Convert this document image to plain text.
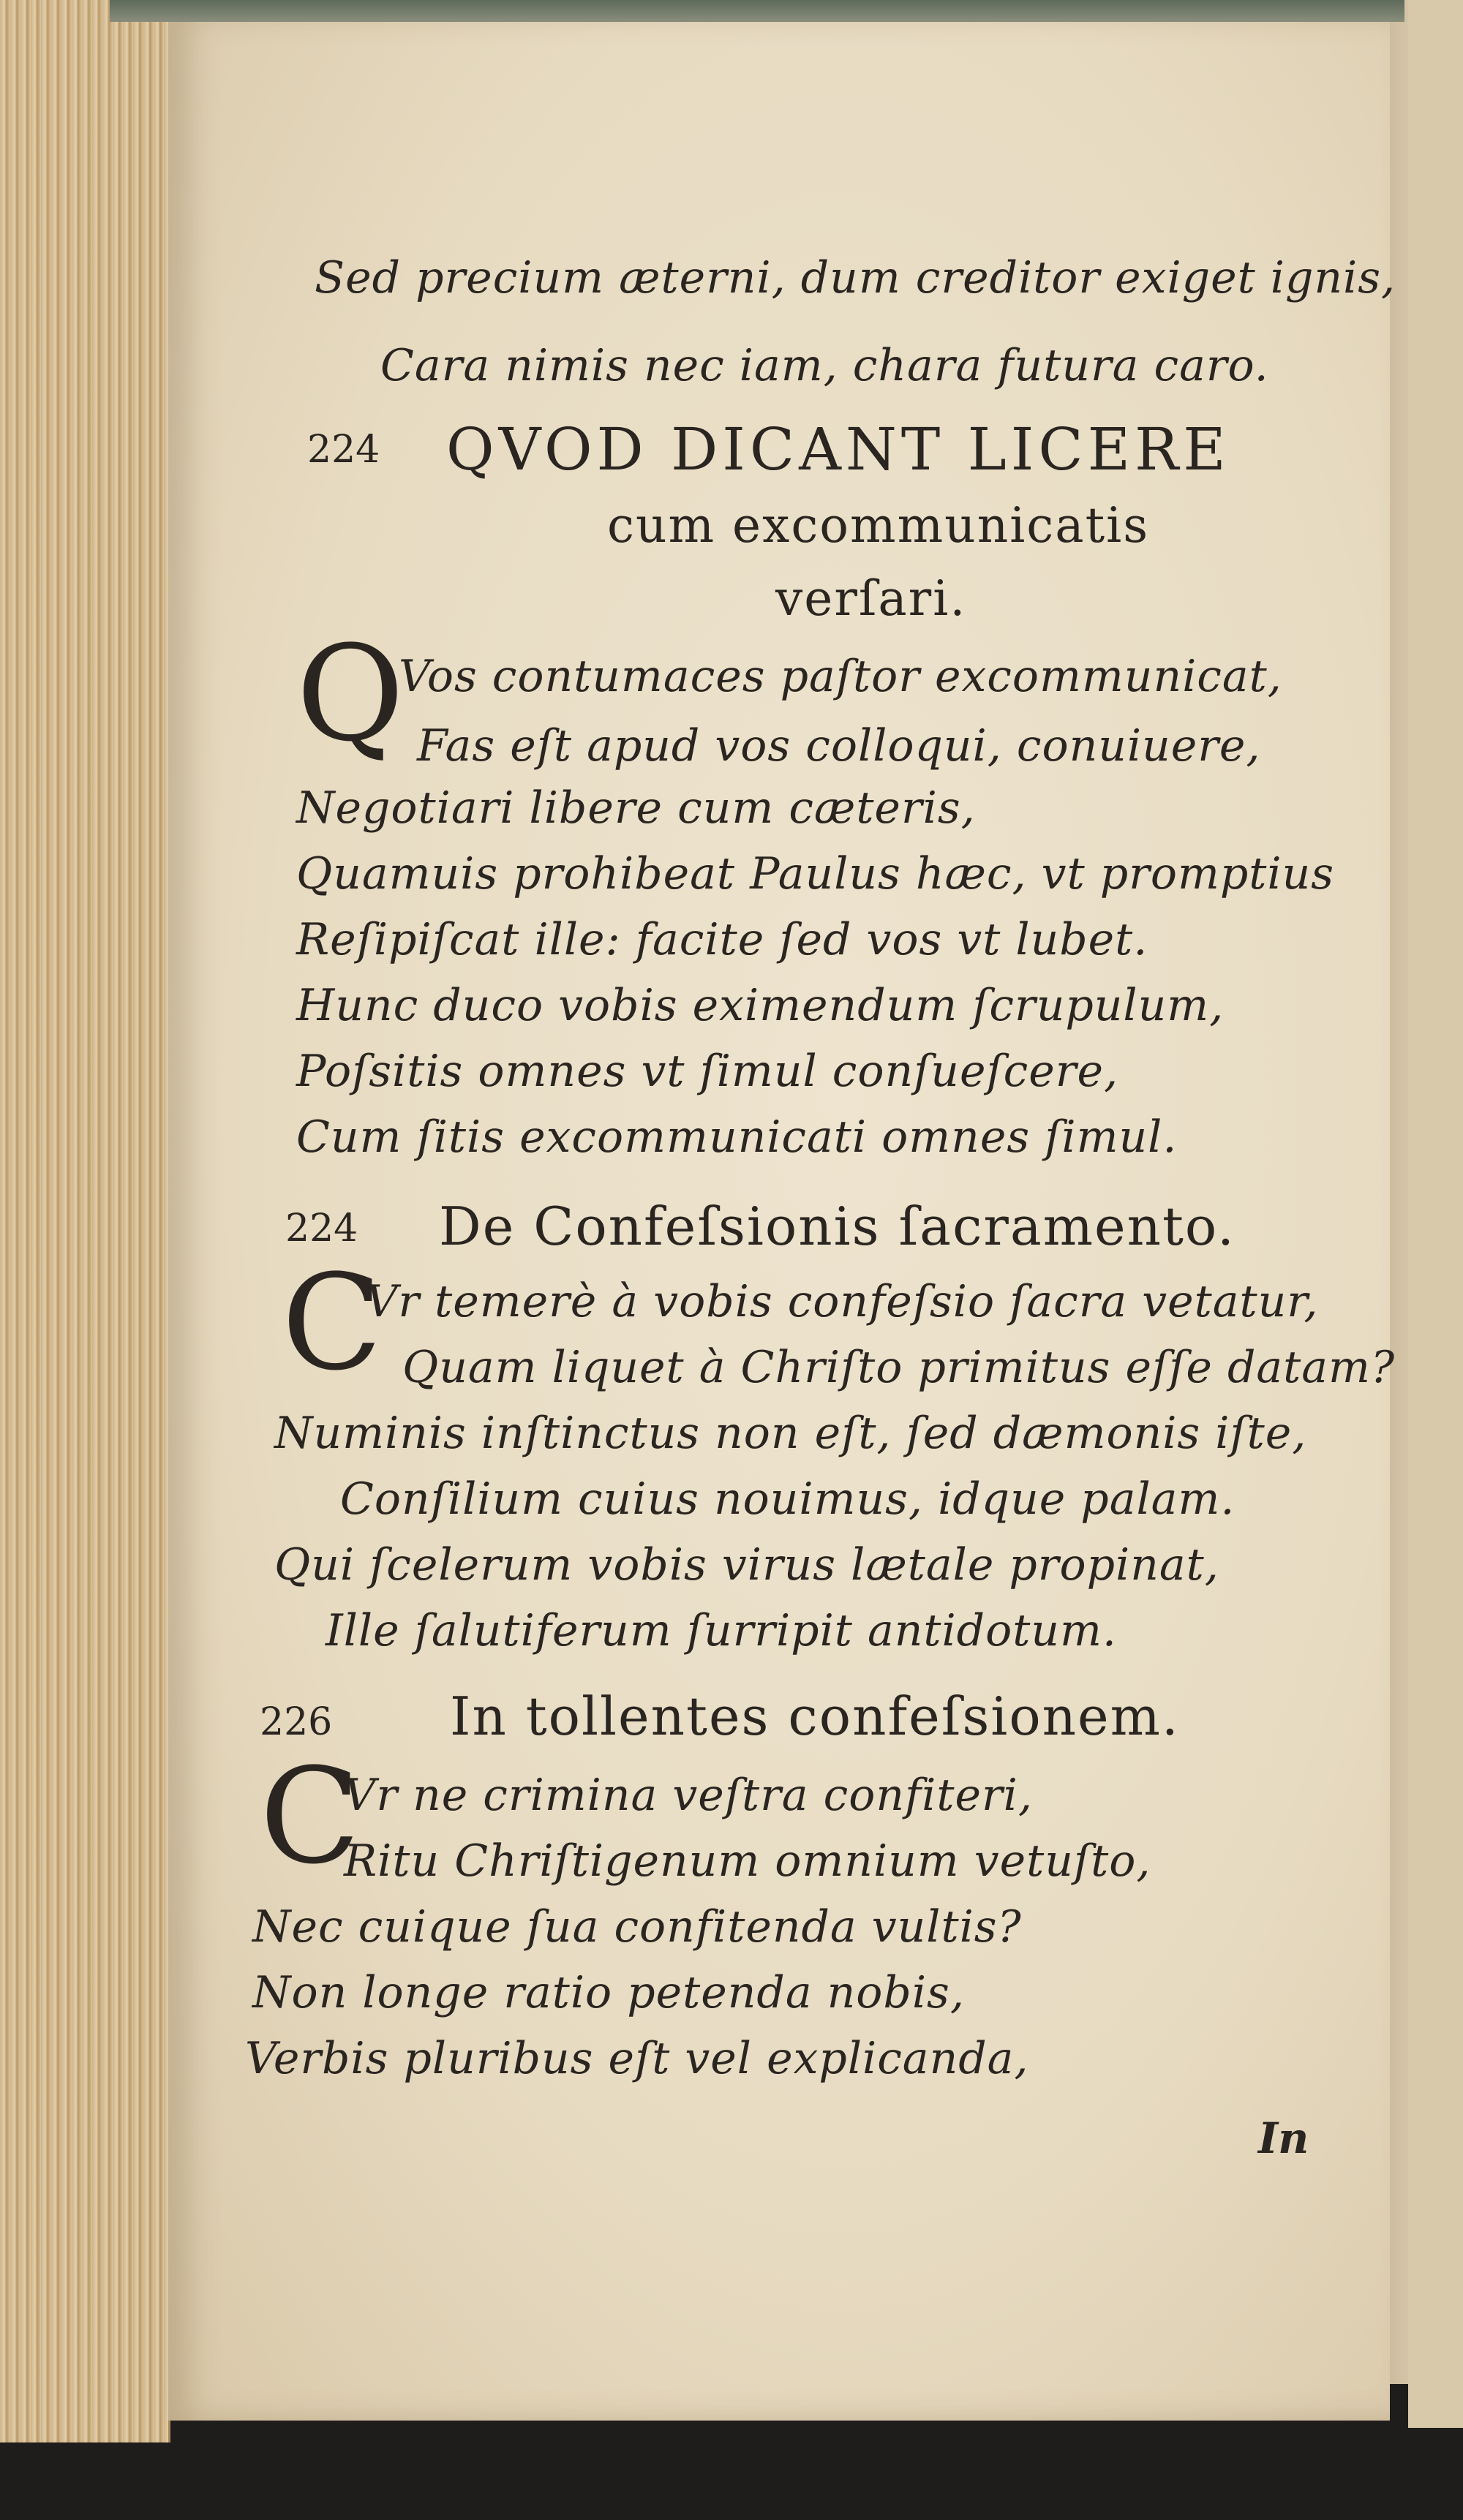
Sed precium æterni, dum creditor exiget ignis,
Cara nimis nec iam, chara futura caro.
224 QVOD DICANT LICERE
cum excommunicatis
verſari.
Q
Vos contumaces paſtor excommunicat,
Fas eſt apud vos colloqui, conuiuere,
Negotiari libere cum cæteris,
Quamuis prohibeat Paulus hæc, vt promptius
Reſipiſcat ille: facite ſed vos vt lubet.
Hunc duco vobis eximendum ſcrupulum,
Poſsitis omnes vt ſimul conſueſcere,
Cum ſitis excommunicati omnes ſimul.
224 De Confeſsionis ſacramento.
C
Vr temerè à vobis confeſsio ſacra vetatur,
Quam liquet à Chriſto primitus eſſe datam?
Numinis inſtinctus non eſt, ſed dæmonis iſte,
Conſilium cuius nouimus, idque palam.
Qui ſcelerum vobis virus lætale propinat,
Ille ſalutiferum ſurripit antidotum.
226 In tollentes confeſsionem.
C
Vr ne crimina veſtra confiteri,
Ritu Chriſtigenum omnium vetuſto,
Nec cuique ſua confitenda vultis?
Non longe ratio petenda nobis,
Verbis pluribus eſt vel explicanda,
In
